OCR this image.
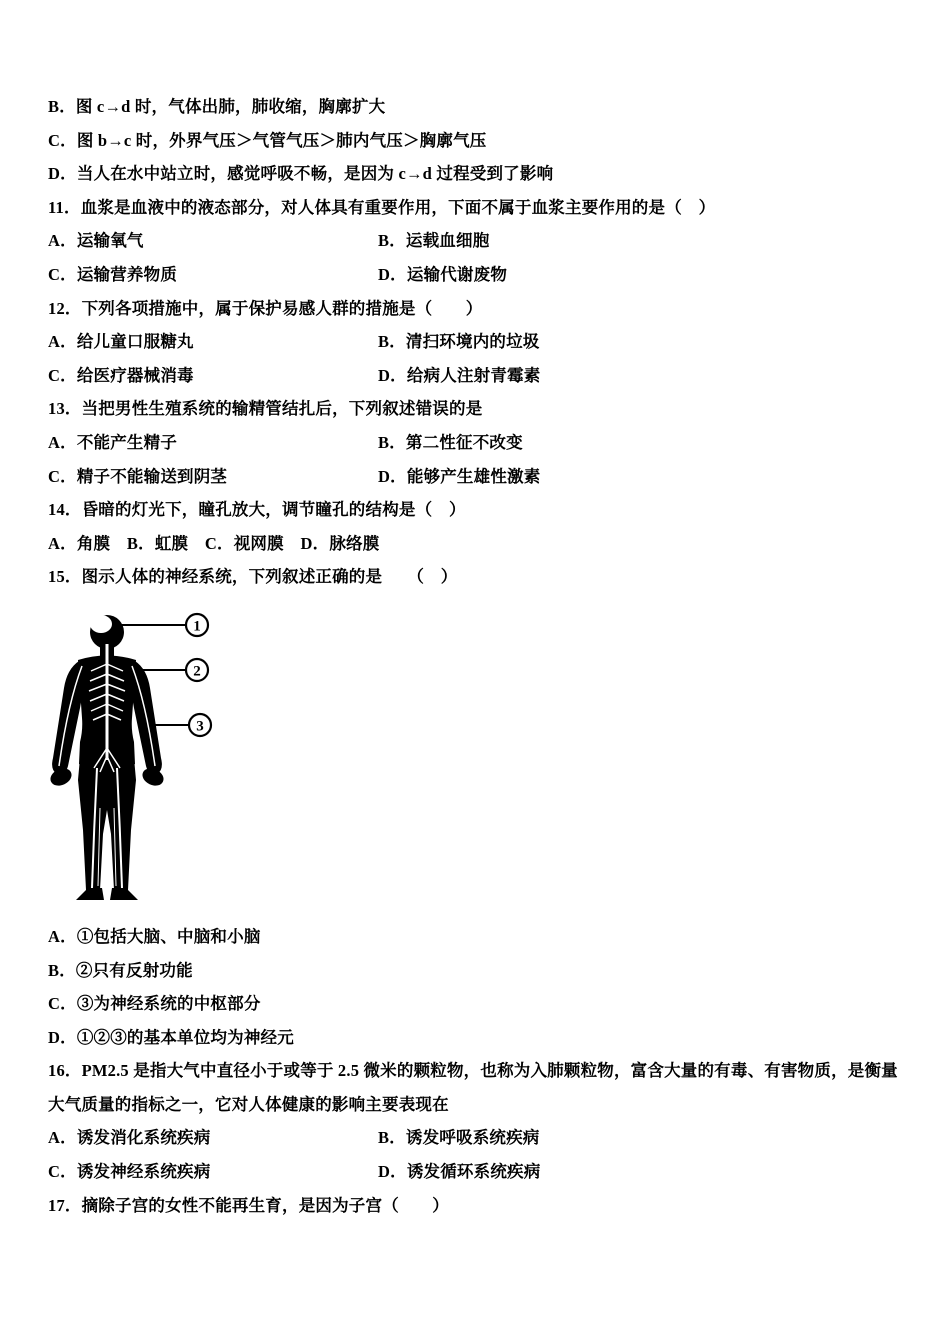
B．图 c→d 时，气体出肺，肺收缩，胸廓扩大
C．图 b→c 时，外界气压＞气管气压＞肺内气压＞胸廓气压
D．当人在水中站立时，感觉呼吸不畅，是因为 c→d 过程受到了影响
11．血浆是血液中的液态部分，对人体具有重要作用，下面不属于血浆主要作用的是（　）
A．运输氧气	B．运载血细胞
C．运输营养物质	D．运输代谢废物
12．下列各项措施中，属于保护易感人群的措施是（　　）
A．给儿童口服糖丸	B．清扫环境内的垃圾
C．给医疗器械消毒	D．给病人注射青霉素
13．当把男性生殖系统的输精管结扎后，下列叙述错误的是
A．不能产生精子	B．第二性征不改变
C．精子不能输送到阴茎	D．能够产生雄性激素
14．昏暗的灯光下，瞳孔放大，调节瞳孔的结构是（　）
A．角膜　B．虹膜　C．视网膜　D．脉络膜
15．图示人体的神经系统，下列叙述正确的是　　（　）
1
2
3
A．①包括大脑、中脑和小脑
B．②只有反射功能
C．③为神经系统的中枢部分
D．①②③的基本单位均为神经元
16．PM2.5 是指大气中直径小于或等于 2.5 微米的颗粒物，也称为入肺颗粒物，富含大量的有毒、有害物质，是衡量大气质量的指标之一，它对人体健康的影响主要表现在
A．诱发消化系统疾病	B．诱发呼吸系统疾病
C．诱发神经系统疾病	D．诱发循环系统疾病
17．摘除子宫的女性不能再生育，是因为子宫（　　）
